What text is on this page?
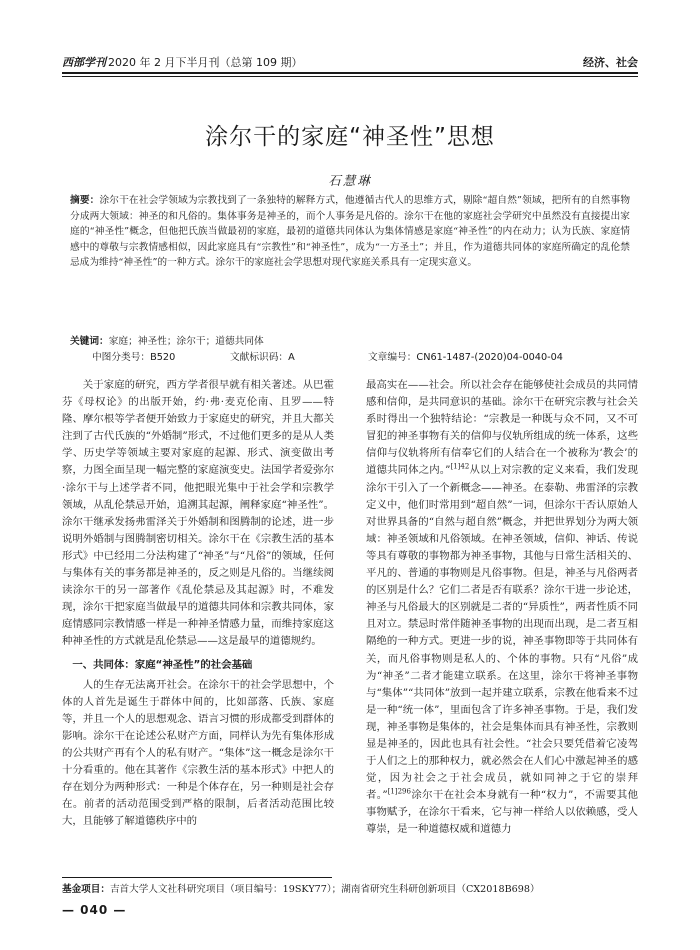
西部学刊 2020 年 2 月下半月刊（总第 109 期）	经济、社会
涂尔干的家庭“神圣性”思想
石慧琳
摘要：涂尔干在社会学领域为宗教找到了一条独特的解释方式，他遵循古代人的思维方式，剔除“超自然”领域，把所有的自然事物分成两大领域：神圣的和凡俗的。集体事务是神圣的，而个人事务是凡俗的。涂尔干在他的家庭社会学研究中虽然没有直接提出家庭的“神圣性”概念，但他把氏族当做最初的家庭，最初的道德共同体认为集体情感是家庭“神圣性”的内在动力；认为氏族、家庭情感中的尊敬与宗教情感相似，因此家庭具有“宗教性”和“神圣性”，成为“一方圣土”；并且，作为道德共同体的家庭所确定的乱伦禁忌成为维持“神圣性”的一种方式。涂尔干的家庭社会学思想对现代家庭关系具有一定现实意义。
关键词：家庭；神圣性；涂尔干；道德共同体
中图分类号：B520	文献标识码：A	文章编号：CN61-1487-(2020)04-0040-04

关于家庭的研究，西方学者很早就有相关著述。从巴霍芬《母权论》的出版开始，约·弗·麦克伦南、且罗——特隆、摩尔根等学者便开始致力于家庭史的研究，并且大都关注到了古代氏族的“外婚制”形式，不过他们更多的是从人类学、历史学等领域主要对家庭的起源、形式、演变做出考察，力图全面呈现一幅完整的家庭演变史。法国学者爱弥尔·涂尔干与上述学者不同，他把眼光集中于社会学和宗教学领域，从乱伦禁忌开始，追溯其起源，阐释家庭“神圣性”。涂尔干继承发扬弗雷泽关于外婚制和图腾制的论述，进一步说明外婚制与图腾制密切相关。涂尔干在《宗教生活的基本形式》中已经用二分法构建了“神圣”与“凡俗”的领域，任何与集体有关的事务都是神圣的，反之则是凡俗的。当继续阅读涂尔干的另一部著作《乱伦禁忌及其起源》时，不难发现，涂尔干把家庭当做最早的道德共同体和宗教共同体，家庭情感同宗教情感一样是一种神圣情感力量，而维持家庭这种神圣性的方式就是乱伦禁忌——这是最早的道德规约。

一、共同体：家庭“神圣性”的社会基础

人的生存无法离开社会。在涂尔干的社会学思想中，个体的人首先是诞生于群体中间的，比如部落、氏族、家庭等，并且一个人的思想观念、语言习惯的形成都受到群体的影响。涂尔干在论述公私财产方面，同样认为先有集体形成的公共财产再有个人的私有财产。“集体”这一概念是涂尔干十分看重的。他在其著作《宗教生活的基本形式》中把人的存在划分为两种形式：一种是个体存在，另一种则是社会存在。前者的活动范围受到严格的限制，后者活动范围比较大，且能够了解道德秩序中的

最高实在——社会。所以社会存在能够使社会成员的共同情感和信仰，是共同意识的基础。涂尔干在研究宗教与社会关系时得出一个独特结论：“宗教是一种既与众不同，又不可冒犯的神圣事物有关的信仰与仪轨所组成的统一体系，这些信仰与仪轨将所有信奉它们的人结合在一个被称为‘教会’的道德共同体之内。”$^{[1]42}$从以上对宗教的定义来看，我们发现涂尔干引入了一个新概念——神圣。在泰勒、弗雷泽的宗教定义中，他们时常用到“超自然”一词，但涂尔干否认原始人对世界具备的“自然与超自然”概念，并把世界划分为两大领域：神圣领域和凡俗领域。在神圣领域，信仰、神话、传说等具有尊敬的事物都为神圣事物，其他与日常生活相关的、平凡的、普通的事物则是凡俗事物。但是，神圣与凡俗两者的区别是什么？它们二者是否有联系？涂尔干进一步论述，神圣与凡俗最大的区别就是二者的“异质性”，两者性质不同且对立。禁忌时常伴随神圣事物的出现而出现，是二者互相隔绝的一种方式。更进一步的说，神圣事物即等于共同体有关，而凡俗事物则是私人的、个体的事物。只有“凡俗”成为“神圣”二者才能建立联系。在这里，涂尔干将神圣事物与“集体”“共同体”放到一起并建立联系，宗教在他看来不过是一种“统一体”，里面包含了许多神圣事物。于是，我们发现，神圣事物是集体的，社会是集体而具有神圣性，宗教则显是神圣的，因此也具有社会性。“社会只要凭借着它凌驾于人们之上的那种权力，就必然会在人们心中激起神圣的感觉，因为社会之于社会成员，就如同神之于它的崇拜者。”$^{[1]296}$涂尔干在社会本身就有一种“权力”，不需要其他事物赋予，在涂尔干看来，它与神一样给人以依赖感，受人尊崇，是一种道德权威和道德力

基金项目：吉首大学人文社科研究项目（项目编号：19SKY77）；湖南省研究生科研创新项目（CX2018B698）
— 040 —
